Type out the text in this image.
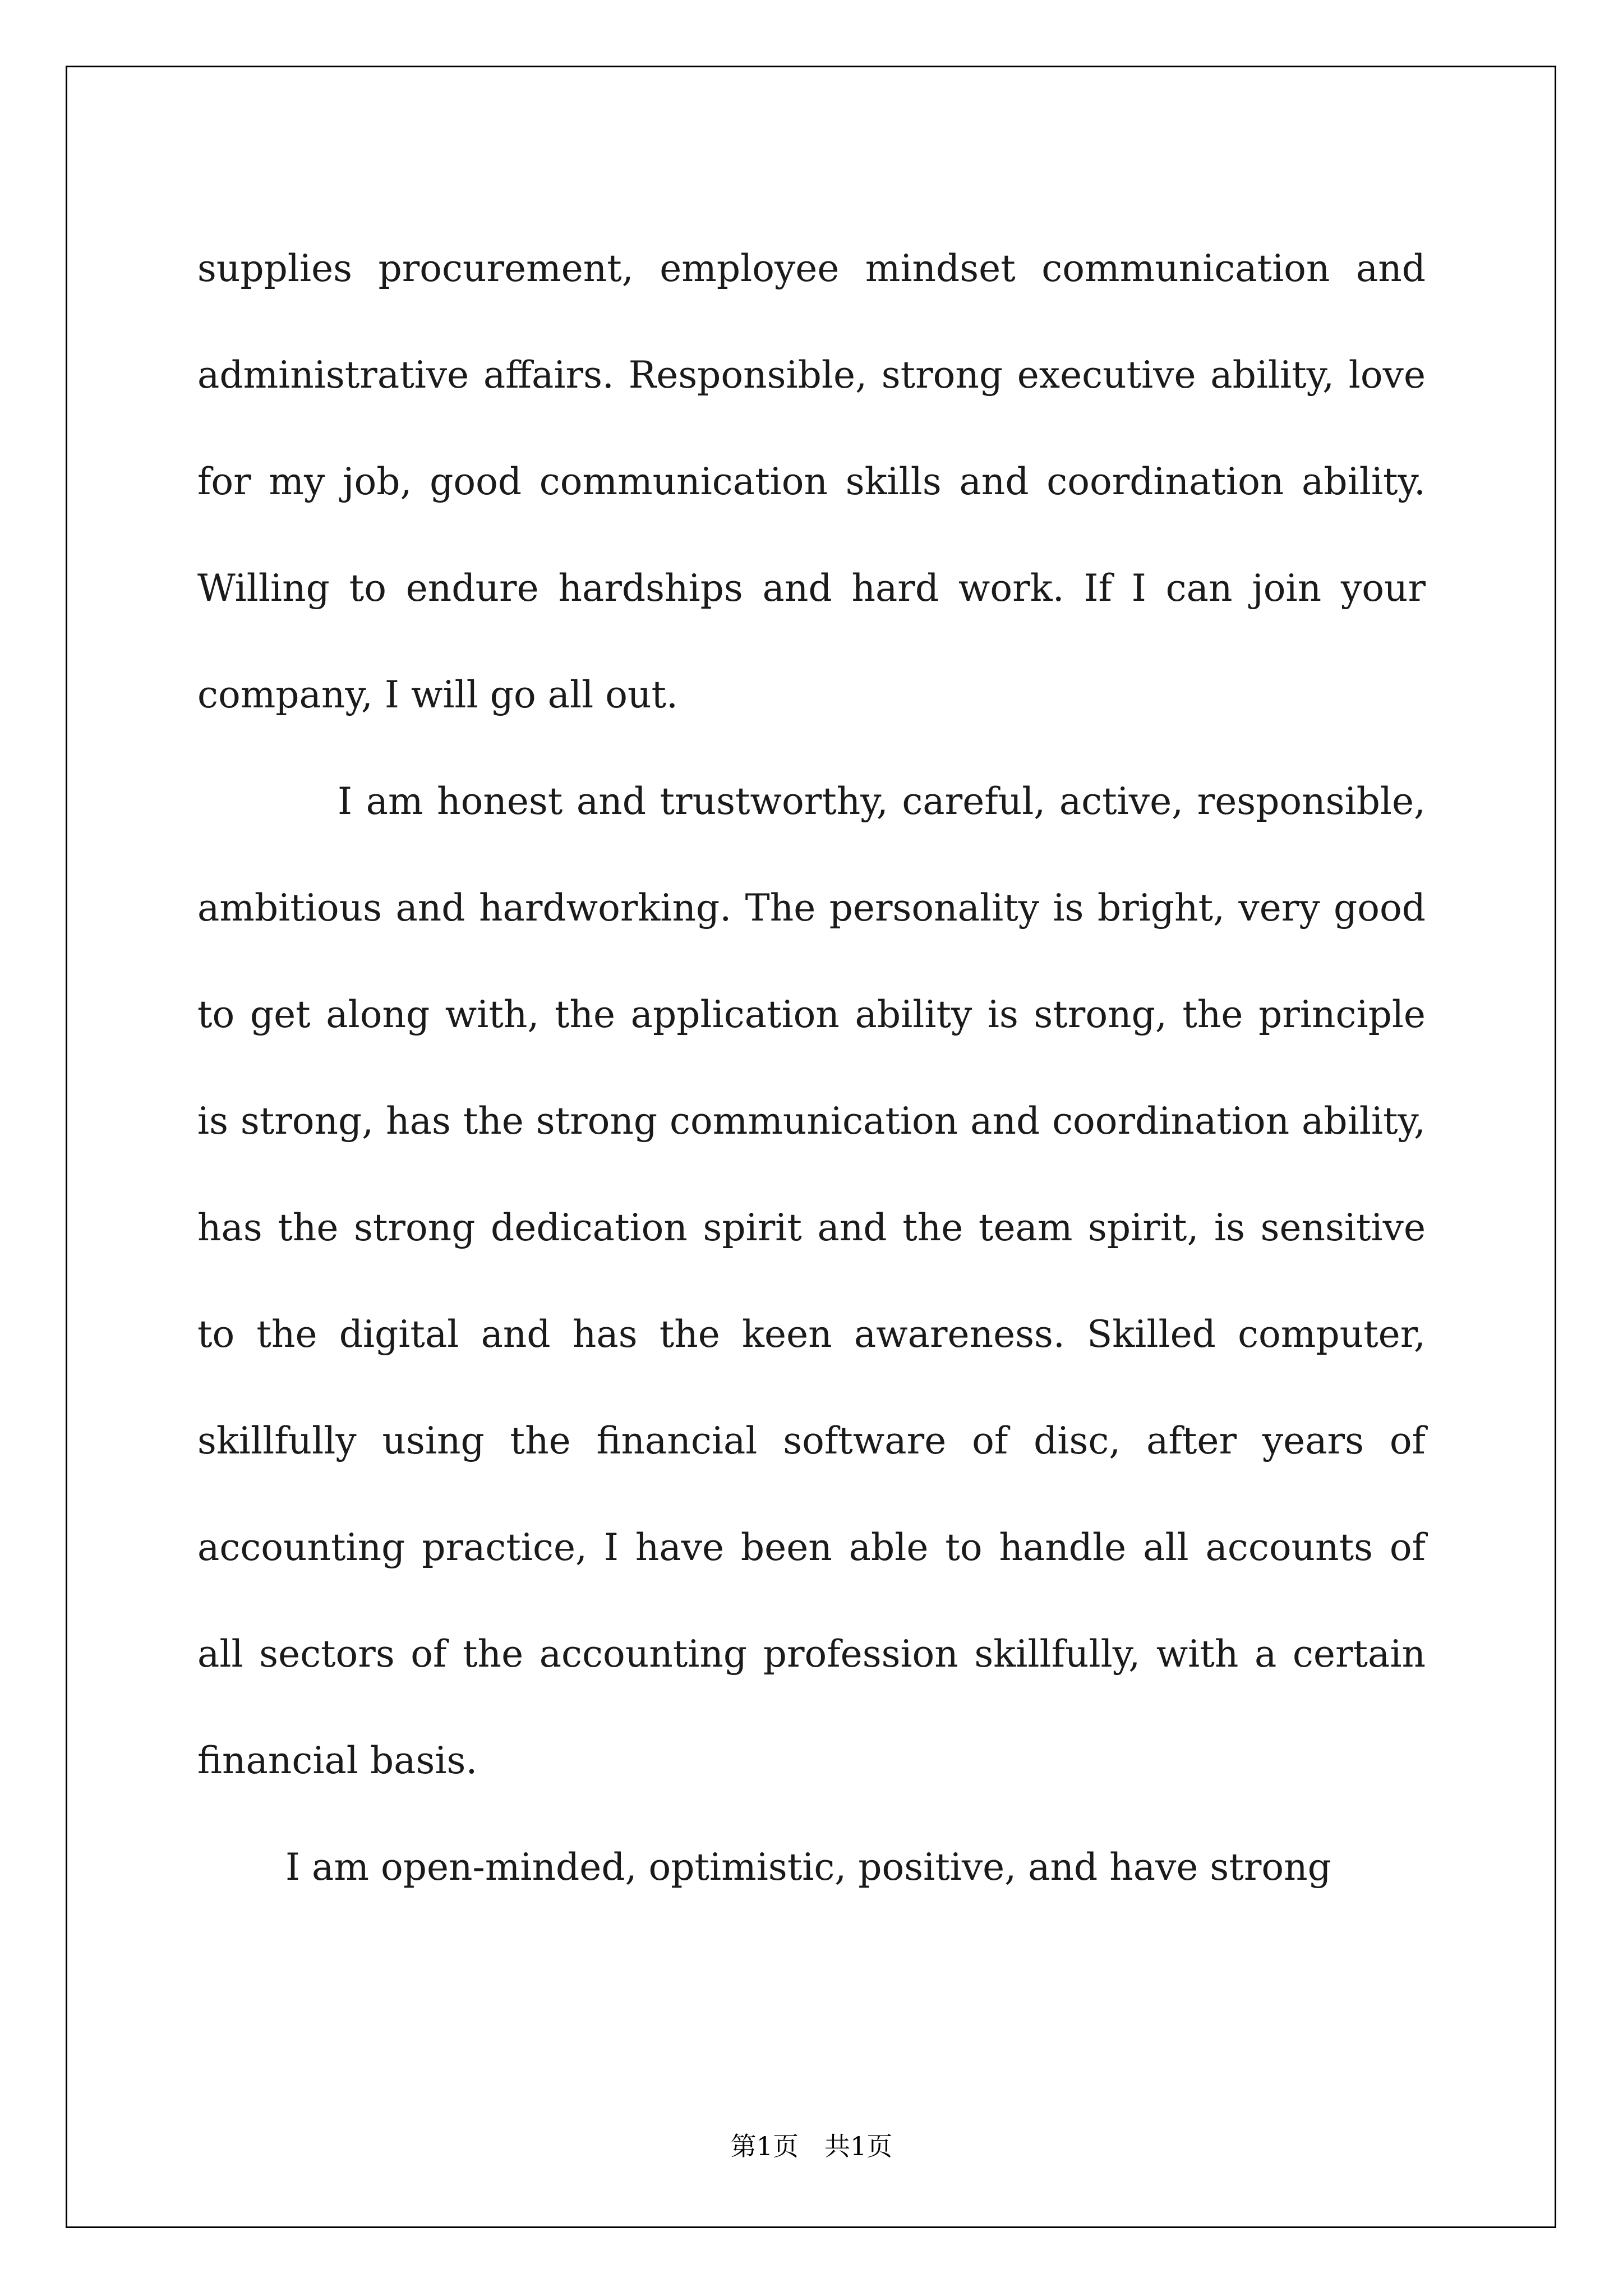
supplies procurement, employee mindset communication and administrative affairs. Responsible, strong executive ability, love for my job, good communication skills and coordination ability. Willing to endure hardships and hard work. If I can join your company, I will go all out.

I am honest and trustworthy, careful, active, responsible, ambitious and hardworking. The personality is bright, very good to get along with, the application ability is strong, the principle is strong, has the strong communication and coordination ability, has the strong dedication spirit and the team spirit, is sensitive to the digital and has the keen awareness. Skilled computer, skillfully using the financial software of disc, after years of accounting practice, I have been able to handle all accounts of all sectors of the accounting profession skillfully, with a certain financial basis.

I am open-minded, optimistic, positive, and have strong

第1页　共1页
